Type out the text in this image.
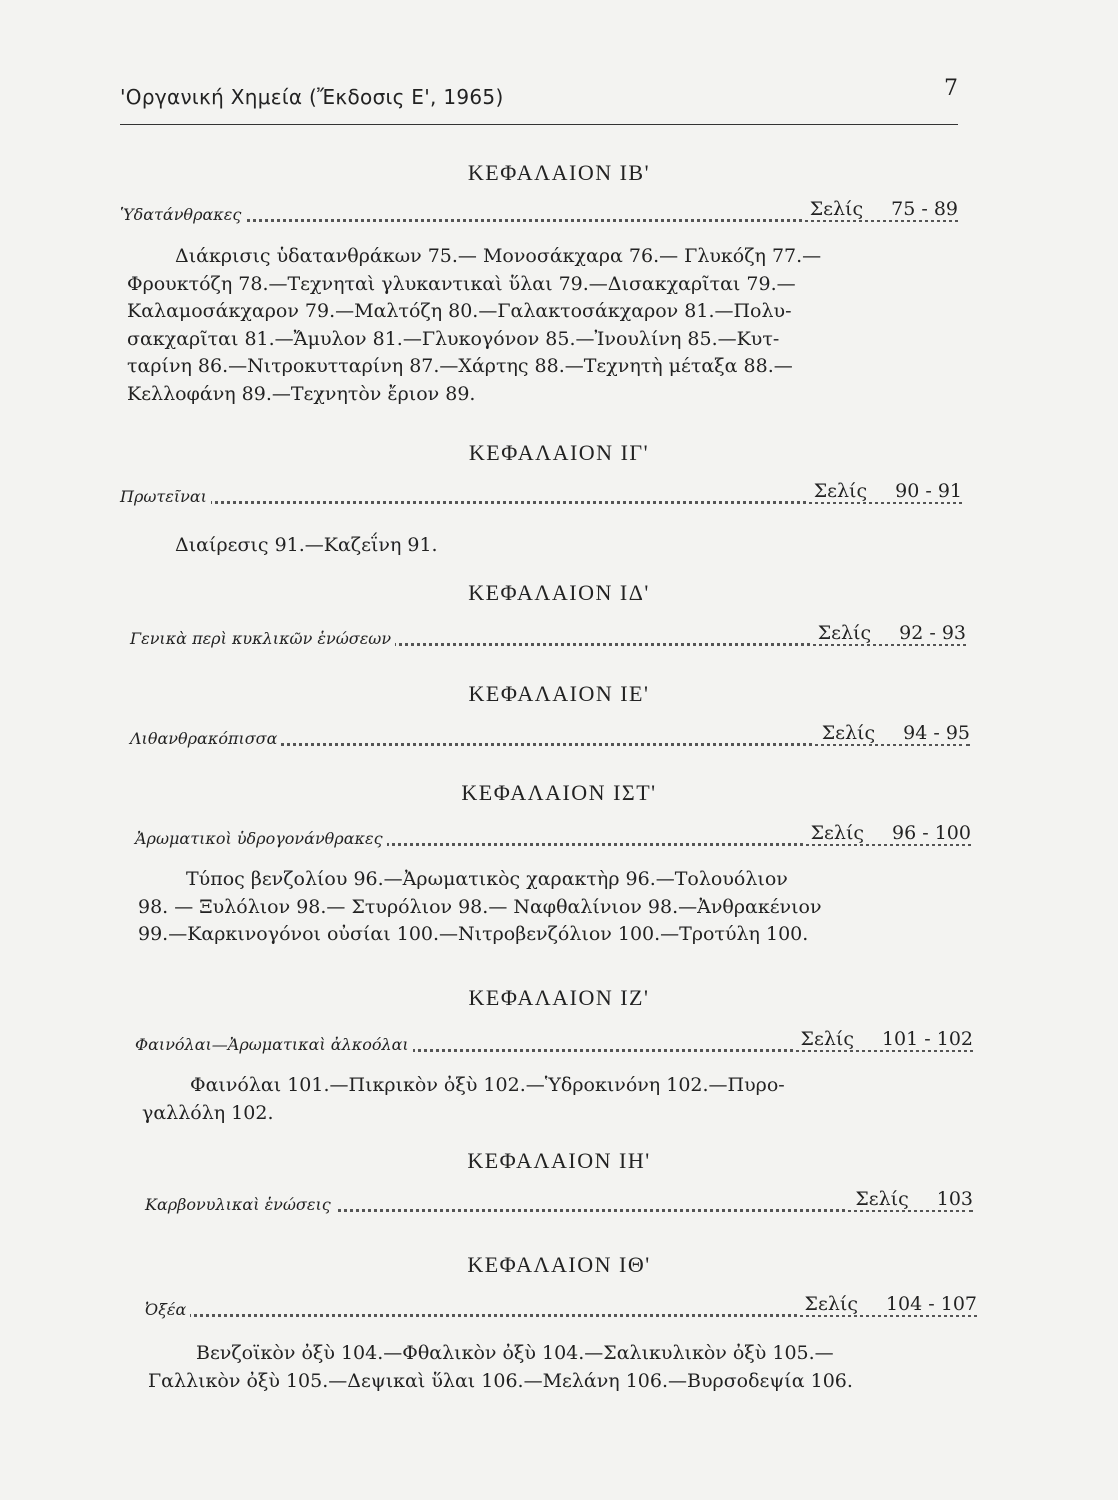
'Οργανική Χημεία (Ἔκδοσις Ε', 1965)	7
ΚΕΦΑΛΑΙΟΝ ΙΒ'
Ὑδατάνθρακες	Σελίς 75 - 89
Διάκρισις ὑδατανθράκων 75.— Μονοσάκχαρα 76.— Γλυκόζη 77.—
Φρουκτόζη 78.—Τεχνηταὶ γλυκαντικαὶ ὕλαι 79.—Δισακχαρῖται 79.—
Καλαμοσάκχαρον 79.—Μαλτόζη 80.—Γαλακτοσάκχαρον 81.—Πολυ-
σακχαρῖται 81.—Ἄμυλον 81.—Γλυκογόνον 85.—Ἰνουλίνη 85.—Κυτ-
ταρίνη 86.—Νιτροκυτταρίνη 87.—Χάρτης 88.—Τεχνητὴ μέταξα 88.—
Κελλοφάνη 89.—Τεχνητὸν ἔριον 89.
ΚΕΦΑΛΑΙΟΝ ΙΓ'
Πρωτεῖναι	Σελίς 90 - 91
Διαίρεσις 91.—Καζεΐνη 91.
ΚΕΦΑΛΑΙΟΝ ΙΔ'
Γενικὰ περὶ κυκλικῶν ἑνώσεων	Σελίς 92 - 93
ΚΕΦΑΛΑΙΟΝ ΙΕ'
Λιθανθρακόπισσα	Σελίς 94 - 95
ΚΕΦΑΛΑΙΟΝ ΙΣΤ'
Ἀρωματικοὶ ὑδρογονάνθρακες	Σελίς 96 - 100
Τύπος βενζολίου 96.—Ἀρωματικὸς χαρακτὴρ 96.—Τολουόλιον
98. — Ξυλόλιον 98.— Στυρόλιον 98.— Ναφθαλίνιον 98.—Ἀνθρακένιον
99.—Καρκινογόνοι οὐσίαι 100.—Νιτροβενζόλιον 100.—Τροτύλη 100.
ΚΕΦΑΛΑΙΟΝ ΙΖ'
Φαινόλαι—Ἀρωματικαὶ ἀλκοόλαι	Σελίς 101 - 102
Φαινόλαι 101.—Πικρικὸν ὀξὺ 102.—Ὑδροκινόνη 102.—Πυρο-
γαλλόλη 102.
ΚΕΦΑΛΑΙΟΝ ΙΗ'
Καρβονυλικαὶ ἑνώσεις	Σελίς 103
ΚΕΦΑΛΑΙΟΝ ΙΘ'
Ὀξέα	Σελίς 104 - 107
Βενζοϊκὸν ὀξὺ 104.—Φθαλικὸν ὀξὺ 104.—Σαλικυλικὸν ὀξὺ 105.—
Γαλλικὸν ὀξὺ 105.—Δεψικαὶ ὕλαι 106.—Μελάνη 106.—Βυρσοδεψία 106.
